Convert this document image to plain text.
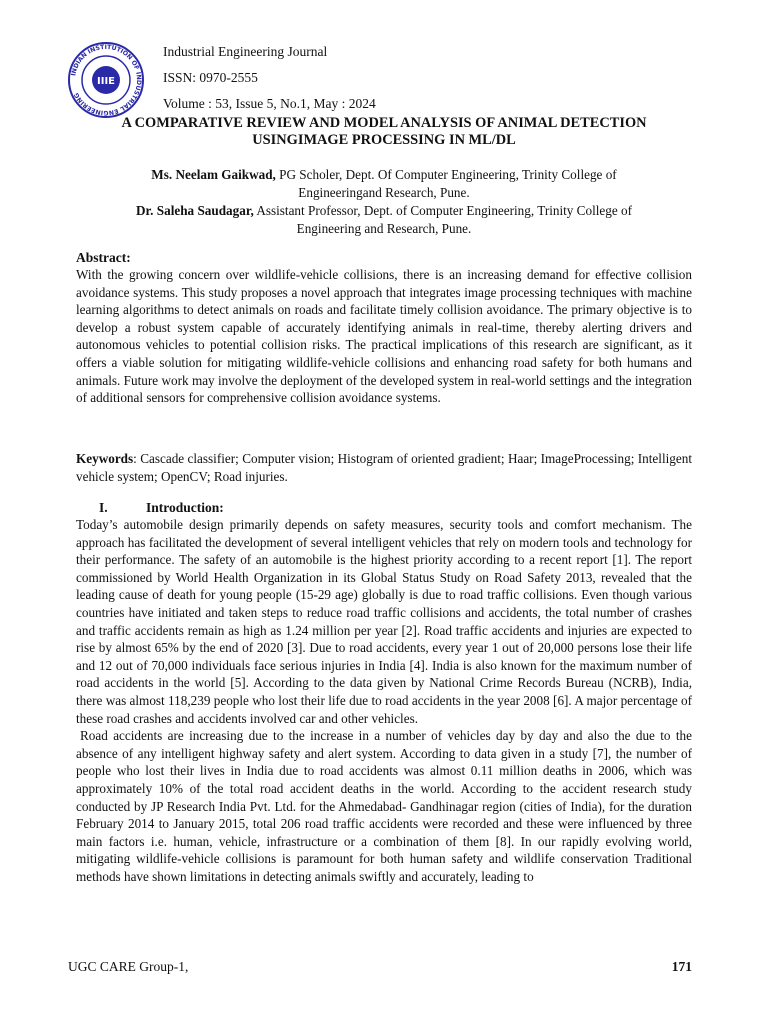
INDIAN INSTITUTION OF INDUSTRIAL ENGINEERING
IIIE
Industrial Engineering Journal
ISSN: 0970-2555
Volume : 53, Issue 5, No.1, May : 2024
A COMPARATIVE REVIEW AND MODEL ANALYSIS OF ANIMAL DETECTION
USINGIMAGE PROCESSING IN ML/DL
Ms. Neelam Gaikwad, PG Scholer, Dept. Of Computer Engineering, Trinity College of
Engineeringand Research, Pune.
Dr. Saleha Saudagar, Assistant Professor, Dept. of Computer Engineering, Trinity College of
Engineering and Research, Pune.
Abstract:
With the growing concern over wildlife-vehicle collisions, there is an increasing demand for effective collision avoidance systems. This study proposes a novel approach that integrates image processing techniques with machine learning algorithms to detect animals on roads and facilitate timely collision avoidance. The primary objective is to develop a robust system capable of accurately identifying animals in real-time, thereby alerting drivers and autonomous vehicles to potential collision risks. The practical implications of this research are significant, as it offers a viable solution for mitigating wildlife-vehicle collisions and enhancing road safety for both humans and animals. Future work may involve the deployment of the developed system in real-world settings and the integration of additional sensors for comprehensive collision avoidance systems.
Keywords: Cascade classifier; Computer vision; Histogram of oriented gradient; Haar; ImageProcessing; Intelligent vehicle system; OpenCV; Road injuries.
I.	Introduction:
Today’s automobile design primarily depends on safety measures, security tools and comfort mechanism. The approach has facilitated the development of several intelligent vehicles that rely on modern tools and technology for their performance. The safety of an automobile is the highest priority according to a recent report [1]. The report commissioned by World Health Organization in its Global Status Study on Road Safety 2013, revealed that the leading cause of death for young people (15-29 age) globally is due to road traffic collisions. Even though various countries have initiated and taken steps to reduce road traffic collisions and accidents, the total number of crashes and traffic accidents remain as high as 1.24 million per year [2]. Road traffic accidents and injuries are expected to rise by almost 65% by the end of 2020 [3]. Due to road accidents, every year 1 out of 20,000 persons lose their life and 12 out of 70,000 individuals face serious injuries in India [4]. India is also known for the maximum number of road accidents in the world [5]. According to the data given by National Crime Records Bureau (NCRB), India, there was almost 118,239 people who lost their life due to road accidents in the year 2008 [6]. A major percentage of these road crashes and accidents involved car and other vehicles.
Road accidents are increasing due to the increase in a number of vehicles day by day and also the due to the absence of any intelligent highway safety and alert system. According to data given in a study [7], the number of people who lost their lives in India due to road accidents was almost 0.11 million deaths in 2006, which was approximately 10% of the total road accident deaths in the world. According to the accident research study conducted by JP Research India Pvt. Ltd. for the Ahmedabad- Gandhinagar region (cities of India), for the duration February 2014 to January 2015, total 206 road traffic accidents were recorded and these were influenced by three main factors i.e. human, vehicle, infrastructure or a combination of them [8]. In our rapidly evolving world, mitigating wildlife-vehicle collisions is paramount for both human safety and wildlife conservation Traditional methods have shown limitations in detecting animals swiftly and accurately, leading to
UGC CARE Group-1,	171
